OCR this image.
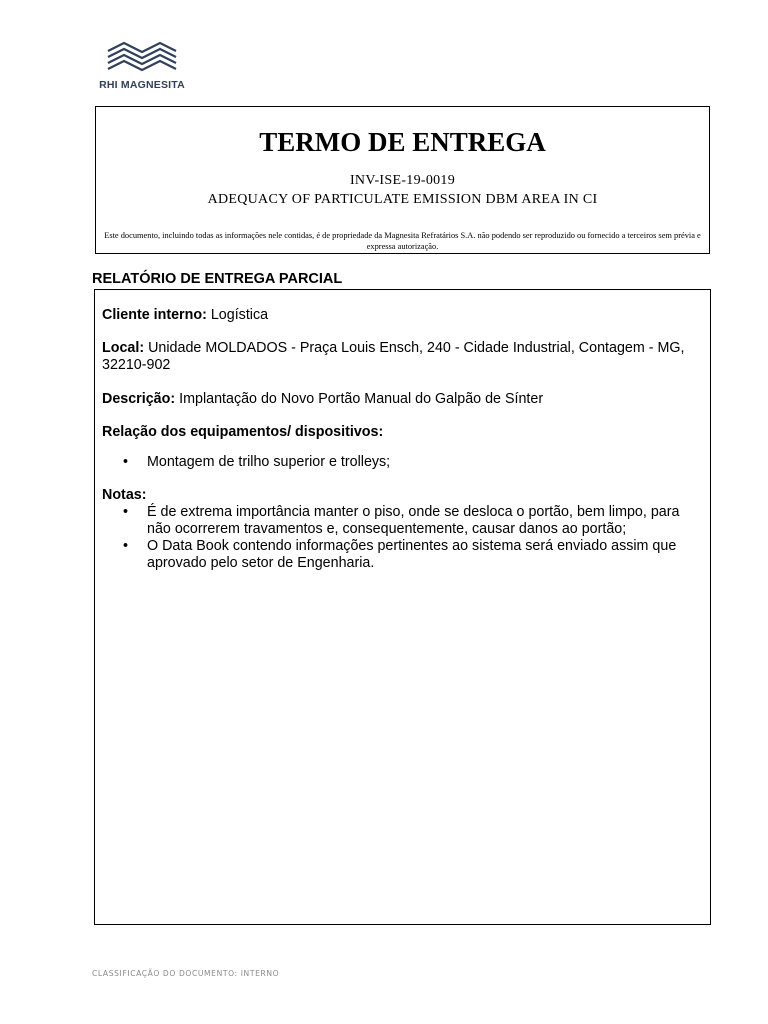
RHI MAGNESITA
TERMO DE ENTREGA
INV-ISE-19-0019
ADEQUACY OF PARTICULATE EMISSION DBM AREA IN CI
Este documento, incluindo todas as informações nele contidas, é de propriedade da Magnesita Refratários S.A. não podendo ser reproduzido ou fornecido a terceiros sem prévia e expressa autorização.
RELATÓRIO DE ENTREGA PARCIAL
Cliente interno: Logística
Local: Unidade MOLDADOS - Praça Louis Ensch, 240 - Cidade Industrial, Contagem - MG, 32210-902
Descrição: Implantação do Novo Portão Manual do Galpão de Sínter
Relação dos equipamentos/ dispositivos:
• Montagem de trilho superior e trolleys;
Notas:
• É de extrema importância manter o piso, onde se desloca o portão, bem limpo, para não ocorrerem travamentos e, consequentemente, causar danos ao portão;
• O Data Book contendo informações pertinentes ao sistema será enviado assim que aprovado pelo setor de Engenharia.
CLASSIFICAÇÃO DO DOCUMENTO: INTERNO
